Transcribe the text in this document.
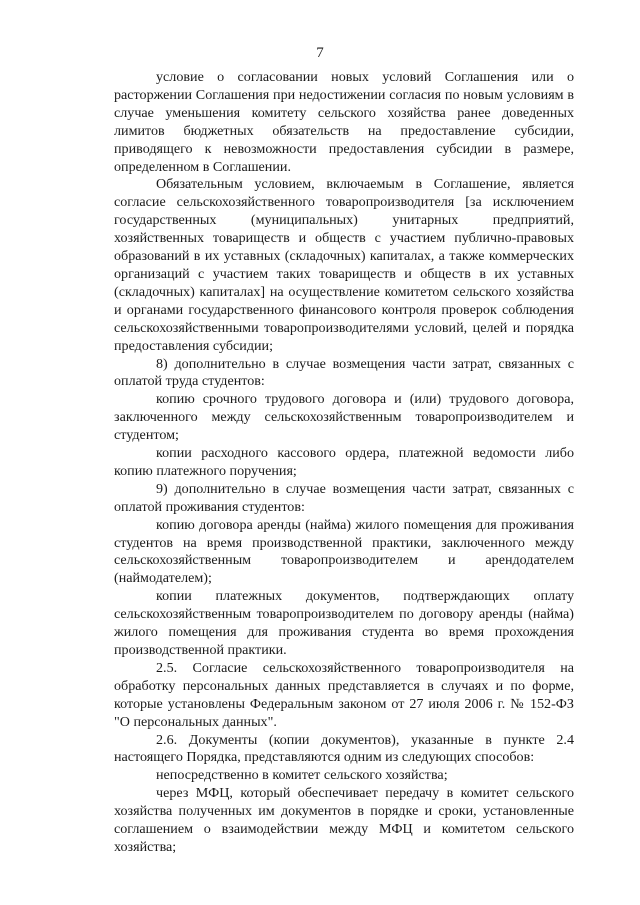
7

условие о согласовании новых условий Соглашения или о расторжении Соглашения при недостижении согласия по новым условиям в случае уменьшения комитету сельского хозяйства ранее доведенных лимитов бюджетных обязательств на предоставление субсидии, приводящего к невозможности предоставления субсидии в размере, определенном в Соглашении.

Обязательным условием, включаемым в Соглашение, является согласие сельскохозяйственного товаропроизводителя [за исключением государственных (муниципальных) унитарных предприятий, хозяйственных товариществ и обществ с участием публично-правовых образований в их уставных (складочных) капиталах, а также коммерческих организаций с участием таких товариществ и обществ в их уставных (складочных) капиталах] на осуществление комитетом сельского хозяйства и органами государственного финансового контроля проверок соблюдения сельскохозяйственными товаропроизводителями условий, целей и порядка предоставления субсидии;

8) дополнительно в случае возмещения части затрат, связанных с оплатой труда студентов:

копию срочного трудового договора и (или) трудового договора, заключенного между сельскохозяйственным товаропроизводителем и студентом;

копии расходного кассового ордера, платежной ведомости либо копию платежного поручения;

9) дополнительно в случае возмещения части затрат, связанных с оплатой проживания студентов:

копию договора аренды (найма) жилого помещения для проживания студентов на время производственной практики, заключенного между сельскохозяйственным товаропроизводителем и арендодателем (наймодателем);

копии платежных документов, подтверждающих оплату сельскохозяйственным товаропроизводителем по договору аренды (найма) жилого помещения для проживания студента во время прохождения производственной практики.

2.5. Согласие сельскохозяйственного товаропроизводителя на обработку персональных данных представляется в случаях и по форме, которые установлены Федеральным законом от 27 июля 2006 г. № 152-ФЗ "О персональных данных".

2.6. Документы (копии документов), указанные в пункте 2.4 настоящего Порядка, представляются одним из следующих способов:

непосредственно в комитет сельского хозяйства;

через МФЦ, который обеспечивает передачу в комитет сельского хозяйства полученных им документов в порядке и сроки, установленные соглашением о взаимодействии между МФЦ и комитетом сельского хозяйства;
